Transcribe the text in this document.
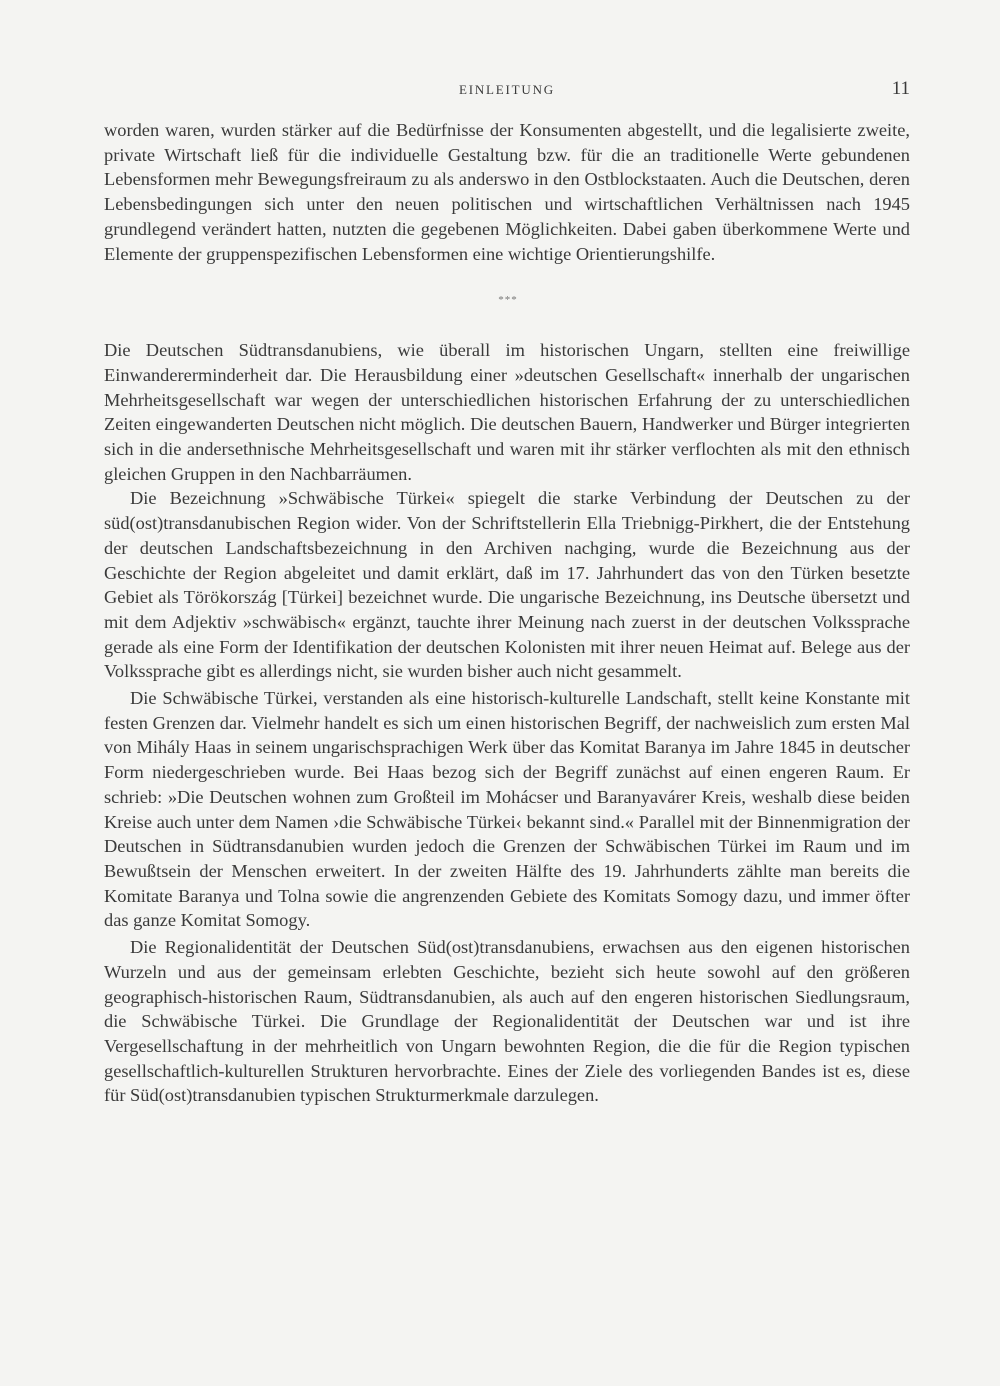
EINLEITUNG	11

worden waren, wurden stärker auf die Bedürfnisse der Konsumenten abgestellt, und die legalisierte zweite, private Wirtschaft ließ für die individuelle Gestaltung bzw. für die an traditionelle Werte gebundenen Lebensformen mehr Bewegungsfreiraum zu als anderswo in den Ostblockstaaten. Auch die Deutschen, deren Lebensbedingungen sich unter den neuen politischen und wirtschaftlichen Verhältnissen nach 1945 grundlegend verändert hatten, nutzten die gegebenen Möglichkeiten. Dabei gaben überkommene Werte und Elemente der gruppenspezifischen Lebensformen eine wichtige Orientierungshilfe.

***

Die Deutschen Südtransdanubiens, wie überall im historischen Ungarn, stellten eine freiwillige Einwandererminderheit dar. Die Herausbildung einer »deutschen Gesellschaft« innerhalb der ungarischen Mehrheitsgesellschaft war wegen der unterschiedlichen historischen Erfahrung der zu unterschiedlichen Zeiten eingewanderten Deutschen nicht möglich. Die deutschen Bauern, Handwerker und Bürger integrierten sich in die andersethnische Mehrheitsgesellschaft und waren mit ihr stärker verflochten als mit den ethnisch gleichen Gruppen in den Nachbarräumen.

Die Bezeichnung »Schwäbische Türkei« spiegelt die starke Verbindung der Deutschen zu der süd(ost)transdanubischen Region wider. Von der Schriftstellerin Ella Triebnigg-Pirkhert, die der Entstehung der deutschen Landschaftsbezeichnung in den Archiven nachging, wurde die Bezeichnung aus der Geschichte der Region abgeleitet und damit erklärt, daß im 17. Jahrhundert das von den Türken besetzte Gebiet als Törökország [Türkei] bezeichnet wurde. Die ungarische Bezeichnung, ins Deutsche übersetzt und mit dem Adjektiv »schwäbisch« ergänzt, tauchte ihrer Meinung nach zuerst in der deutschen Volkssprache gerade als eine Form der Identifikation der deutschen Kolonisten mit ihrer neuen Heimat auf. Belege aus der Volkssprache gibt es allerdings nicht, sie wurden bisher auch nicht gesammelt.

Die Schwäbische Türkei, verstanden als eine historisch-kulturelle Landschaft, stellt keine Konstante mit festen Grenzen dar. Vielmehr handelt es sich um einen historischen Begriff, der nachweislich zum ersten Mal von Mihály Haas in seinem ungarischsprachigen Werk über das Komitat Baranya im Jahre 1845 in deutscher Form niedergeschrieben wurde. Bei Haas bezog sich der Begriff zunächst auf einen engeren Raum. Er schrieb: »Die Deutschen wohnen zum Großteil im Mohácser und Baranyavárer Kreis, weshalb diese beiden Kreise auch unter dem Namen ›die Schwäbische Türkei‹ bekannt sind.« Parallel mit der Binnenmigration der Deutschen in Südtransdanubien wurden jedoch die Grenzen der Schwäbischen Türkei im Raum und im Bewußtsein der Menschen erweitert. In der zweiten Hälfte des 19. Jahrhunderts zählte man bereits die Komitate Baranya und Tolna sowie die angrenzenden Gebiete des Komitats Somogy dazu, und immer öfter das ganze Komitat Somogy.

Die Regionalidentität der Deutschen Süd(ost)transdanubiens, erwachsen aus den eigenen historischen Wurzeln und aus der gemeinsam erlebten Geschichte, bezieht sich heute sowohl auf den größeren geographisch-historischen Raum, Südtransdanubien, als auch auf den engeren historischen Siedlungsraum, die Schwäbische Türkei. Die Grundlage der Regionalidentität der Deutschen war und ist ihre Vergesellschaftung in der mehrheitlich von Ungarn bewohnten Region, die die für die Region typischen gesellschaftlich-kulturellen Strukturen hervorbrachte. Eines der Ziele des vorliegenden Bandes ist es, diese für Süd(ost)transdanubien typischen Strukturmerkmale darzulegen.
